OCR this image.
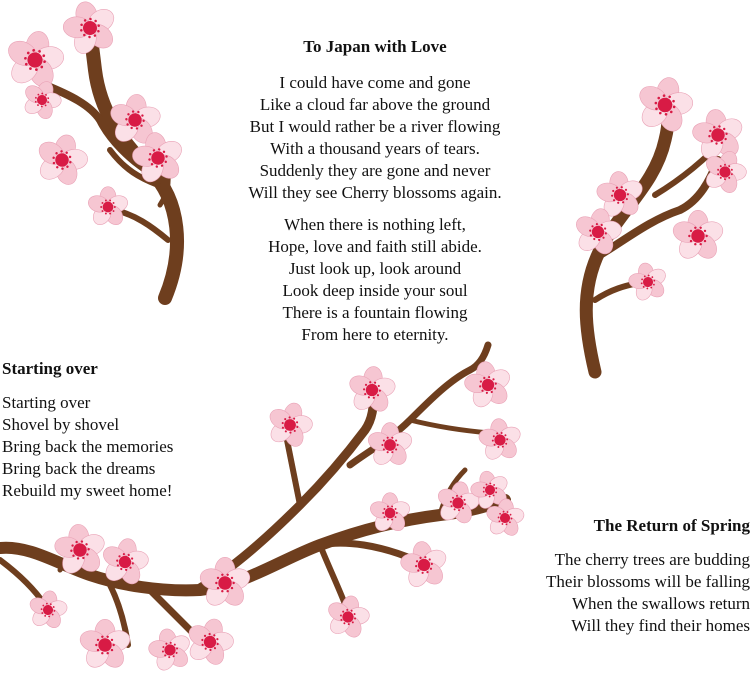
To Japan with Love
I could have come and gone
Like a cloud far above the ground
But I would rather be a river flowing
With a thousand years of tears.
Suddenly they are gone and never
Will they see Cherry blossoms again.
When there is nothing left,
Hope, love and faith still abide.
Just look up, look around
Look deep inside your soul
There is a fountain flowing
From here to eternity.
Starting over
Starting over
Shovel by shovel
Bring back the memories
Bring back the dreams
Rebuild my sweet home!
The Return of Spring
The cherry trees are budding
Their blossoms will be falling
When the swallows return
Will they find their homes
